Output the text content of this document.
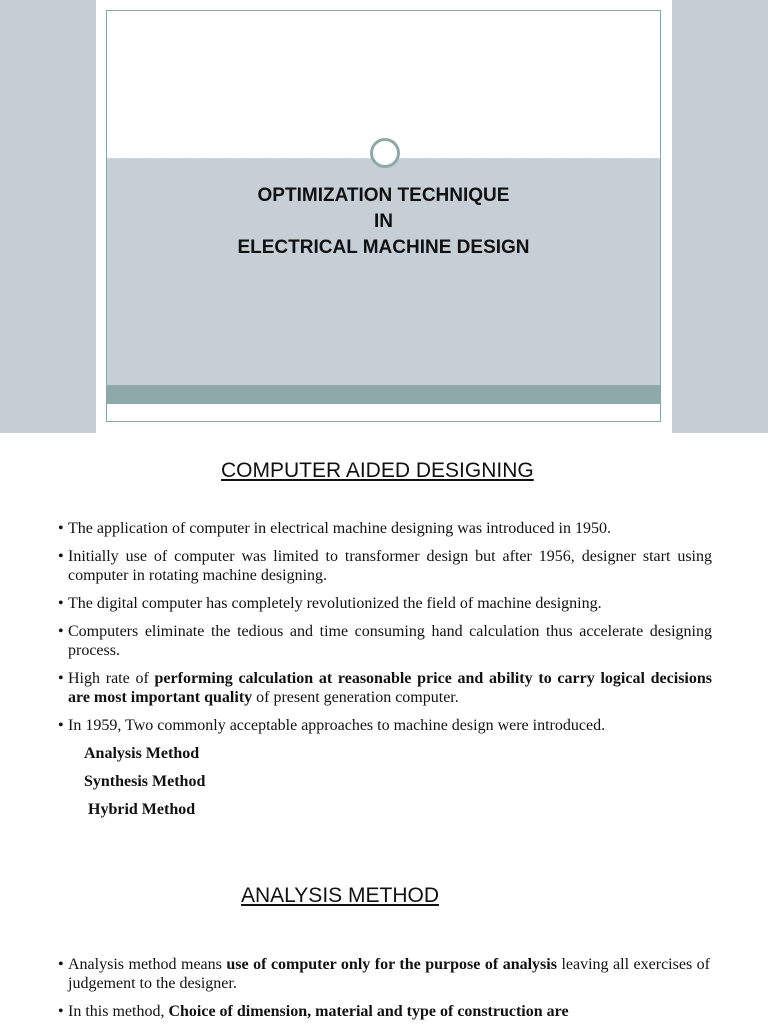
OPTIMIZATION TECHNIQUE
IN
ELECTRICAL MACHINE DESIGN
COMPUTER AIDED DESIGNING
• The application of computer in electrical machine designing was introduced in 1950.
• Initially use of computer was limited to transformer design but after 1956, designer start using computer in rotating machine designing.
• The digital computer has completely revolutionized the field of machine designing.
• Computers eliminate the tedious and time consuming hand calculation thus accelerate designing process.
• High rate of performing calculation at reasonable price and ability to carry logical decisions are most important quality of present generation computer.
• In 1959, Two commonly acceptable approaches to machine design were introduced.
Analysis Method
Synthesis Method
Hybrid Method
ANALYSIS METHOD
• Analysis method means use of computer only for the purpose of analysis leaving all exercises of judgement to the designer.
• In this method, Choice of dimension, material and type of construction are
